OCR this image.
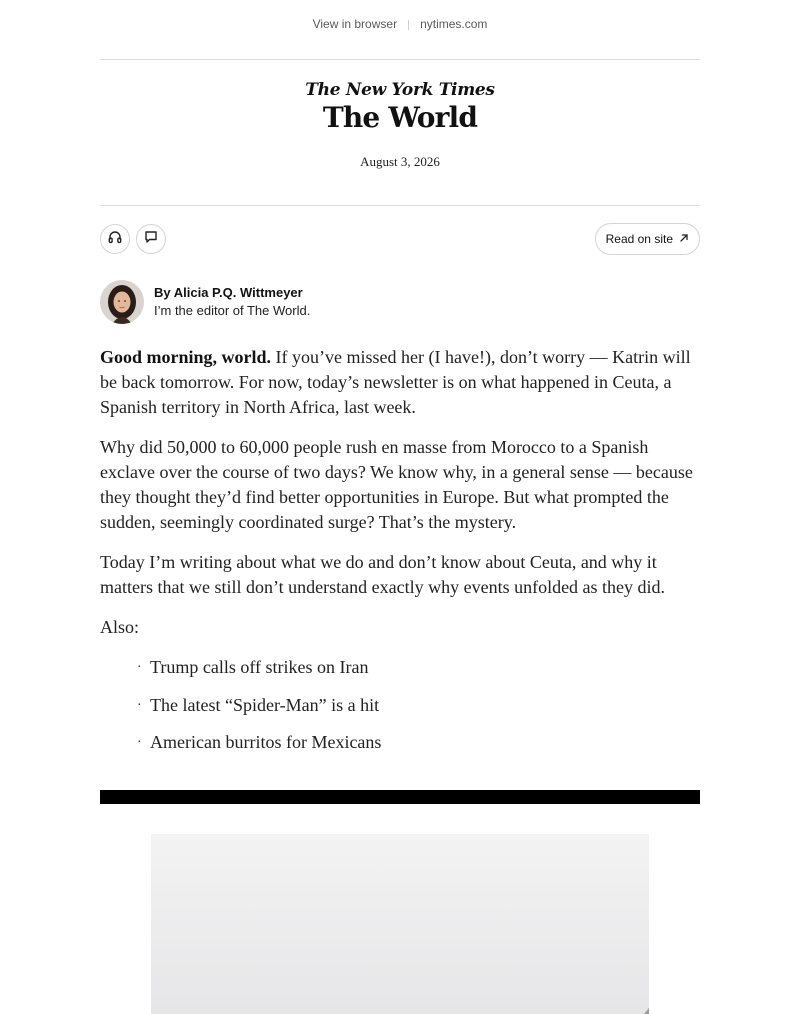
View in browser nytimes.com
The New York Times
The World
August 3, 2026
Read on site
By Alicia P.Q. Wittmeyer
I’m the editor of The World.

Good morning, world. If you’ve missed her (I have!), don’t worry — Katrin will be back tomorrow. For now, today’s newsletter is on what happened in Ceuta, a Spanish territory in North Africa, last week.

Why did 50,000 to 60,000 people rush en masse from Morocco to a Spanish exclave over the course of two days? We know why, in a general sense — because they thought they’d find better opportunities in Europe. But what prompted the sudden, seemingly coordinated surge? That’s the mystery.

Today I’m writing about what we do and don’t know about Ceuta, and why it matters that we still don’t understand exactly why events unfolded as they did.

Also:

· Trump calls off strikes on Iran
· The latest “Spider-Man” is a hit
· American burritos for Mexicans
